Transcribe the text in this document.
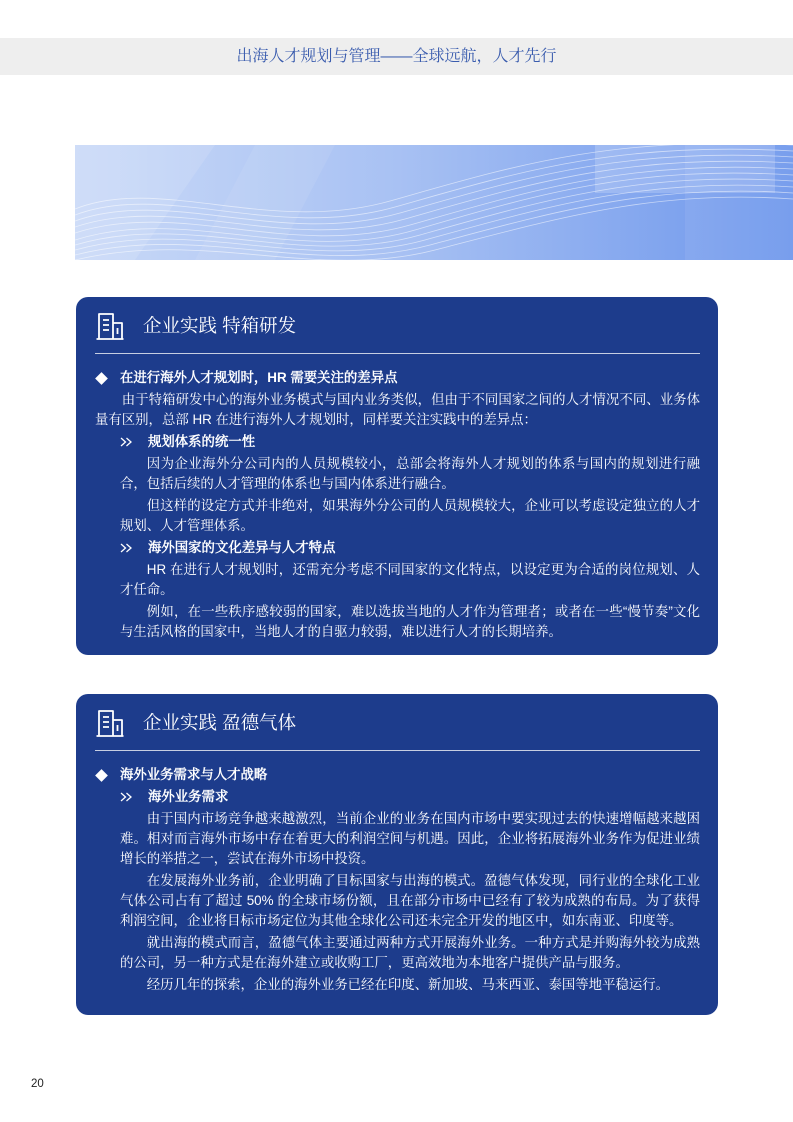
出海人才规划与管理——全球远航，人才先行
企业实践 特箱研发
在进行海外人才规划时，HR 需要关注的差异点

由于特箱研发中心的海外业务模式与国内业务类似，但由于不同国家之间的人才情况不同、业务体量有区别，总部 HR 在进行海外人才规划时，同样要关注实践中的差异点：

规划体系的统一性

因为企业海外分公司内的人员规模较小，总部会将海外人才规划的体系与国内的规划进行融合，包括后续的人才管理的体系也与国内体系进行融合。

但这样的设定方式并非绝对，如果海外分公司的人员规模较大，企业可以考虑设定独立的人才规划、人才管理体系。

海外国家的文化差异与人才特点

HR 在进行人才规划时，还需充分考虑不同国家的文化特点，以设定更为合适的岗位规划、人才任命。

例如，在一些秩序感较弱的国家，难以选拔当地的人才作为管理者；或者在一些“慢节奏”文化与生活风格的国家中，当地人才的自驱力较弱，难以进行人才的长期培养。

企业实践 盈德气体
海外业务需求与人才战略
海外业务需求

由于国内市场竞争越来越激烈，当前企业的业务在国内市场中要实现过去的快速增幅越来越困难。相对而言海外市场中存在着更大的利润空间与机遇。因此，企业将拓展海外业务作为促进业绩增长的举措之一，尝试在海外市场中投资。

在发展海外业务前，企业明确了目标国家与出海的模式。盈德气体发现，同行业的全球化工业气体公司占有了超过 50% 的全球市场份额，且在部分市场中已经有了较为成熟的布局。为了获得利润空间，企业将目标市场定位为其他全球化公司还未完全开发的地区中，如东南亚、印度等。

就出海的模式而言，盈德气体主要通过两种方式开展海外业务。一种方式是并购海外较为成熟的公司，另一种方式是在海外建立或收购工厂，更高效地为本地客户提供产品与服务。

经历几年的探索，企业的海外业务已经在印度、新加坡、马来西亚、泰国等地平稳运行。

20
